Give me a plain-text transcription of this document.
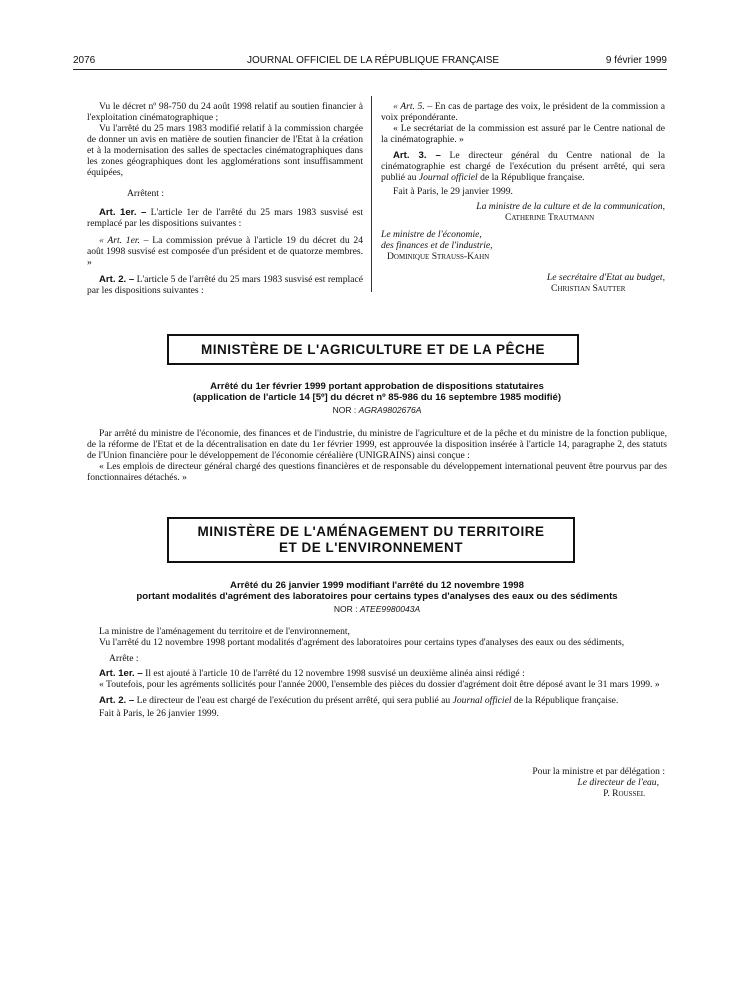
2076	JOURNAL OFFICIEL DE LA RÉPUBLIQUE FRANÇAISE	9 février 1999

Vu le décret nº 98-750 du 24 août 1998 relatif au soutien financier à l'exploitation cinématographique ;

Vu l'arrêté du 25 mars 1983 modifié relatif à la commission chargée de donner un avis en matière de soutien financier de l'Etat à la création et à la modernisation des salles de spectacles cinématographiques dans les zones géographiques dont les agglomérations sont insuffisamment équipées,

Arrêtent :

Art. 1er. – L'article 1er de l'arrêté du 25 mars 1983 susvisé est remplacé par les dispositions suivantes :

« Art. 1er. – La commission prévue à l'article 19 du décret du 24 août 1998 susvisé est composée d'un président et de quatorze membres. »

Art. 2. – L'article 5 de l'arrêté du 25 mars 1983 susvisé est remplacé par les dispositions suivantes :

« Art. 5. – En cas de partage des voix, le président de la commission a voix prépondérante.

« Le secrétariat de la commission est assuré par le Centre national de la cinématographie. »

Art. 3. – Le directeur général du Centre national de la cinématographie est chargé de l'exécution du présent arrêté, qui sera publié au Journal officiel de la République française.

Fait à Paris, le 29 janvier 1999.

La ministre de la culture et de la communication,

Catherine Trautmann

Le ministre de l'économie,

des finances et de l'industrie,

Dominique Strauss-Kahn

Le secrétaire d'Etat au budget,

Christian Sautter

MINISTÈRE DE L'AGRICULTURE ET DE LA PÊCHE

Arrêté du 1er février 1999 portant approbation de dispositions statutaires

(application de l'article 14 [5º] du décret nº 85-986 du 16 septembre 1985 modifié)

NOR : AGRA9802676A

Par arrêté du ministre de l'économie, des finances et de l'industrie, du ministre de l'agriculture et de la pêche et du ministre de la fonction publique, de la réforme de l'Etat et de la décentralisation en date du 1er février 1999, est approuvée la disposition insérée à l'article 14, paragraphe 2, des statuts de l'Union financière pour le développement de l'économie céréalière (UNIGRAINS) ainsi conçue :

« Les emplois de directeur général chargé des questions financières et de responsable du développement international peuvent être pourvus par des fonctionnaires détachés. »

MINISTÈRE DE L'AMÉNAGEMENT DU TERRITOIRE
ET DE L'ENVIRONNEMENT

Arrêté du 26 janvier 1999 modifiant l'arrêté du 12 novembre 1998

portant modalités d'agrément des laboratoires pour certains types d'analyses des eaux ou des sédiments

NOR : ATEE9980043A

La ministre de l'aménagement du territoire et de l'environnement,

Vu l'arrêté du 12 novembre 1998 portant modalités d'agrément des laboratoires pour certains types d'analyses des eaux ou des sédiments,

Arrête :

Art. 1er. – Il est ajouté à l'article 10 de l'arrêté du 12 novembre 1998 susvisé un deuxième alinéa ainsi rédigé :

« Toutefois, pour les agréments sollicités pour l'année 2000, l'ensemble des pièces du dossier d'agrément doit être déposé avant le 31 mars 1999. »

Art. 2. – Le directeur de l'eau est chargé de l'exécution du présent arrêté, qui sera publié au Journal officiel de la République française.

Fait à Paris, le 26 janvier 1999.

Pour la ministre et par délégation :

Le directeur de l'eau,

P. Roussel
